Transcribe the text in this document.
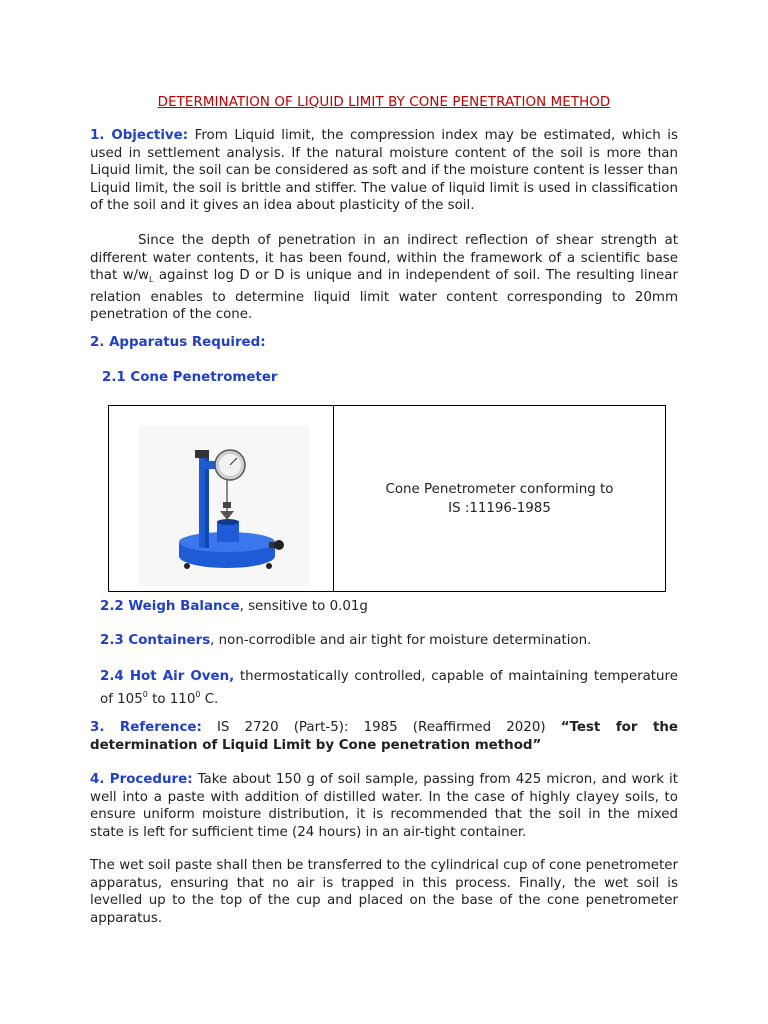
DETERMINATION OF LIQUID LIMIT BY CONE PENETRATION METHOD

1. Objective: From Liquid limit, the compression index may be estimated, which is used in settlement analysis. If the natural moisture content of the soil is more than Liquid limit, the soil can be considered as soft and if the moisture content is lesser than Liquid limit, the soil is brittle and stiffer. The value of liquid limit is used in classification of the soil and it gives an idea about plasticity of the soil.

Since the depth of penetration in an indirect reflection of shear strength at different water contents, it has been found, within the framework of a scientific base that $w/w_L$ against log D or D is unique and in independent of soil. The resulting linear relation enables to determine liquid limit water content corresponding to 20mm penetration of the cone.

2. Apparatus Required:
2.1 Cone Penetrometer
Cone Penetrometer conforming to
IS :11196-1985

2.2 Weigh Balance, sensitive to 0.01g

2.3 Containers, non-corrodible and air tight for moisture determination.

2.4 Hot Air Oven, thermostatically controlled, capable of maintaining temperature of $105^0$ to $110^0$ C.

3. Reference: IS 2720 (Part-5): 1985 (Reaffirmed 2020) “Test for the determination of Liquid Limit by Cone penetration method”

4. Procedure: Take about 150 g of soil sample, passing from 425 micron, and work it well into a paste with addition of distilled water. In the case of highly clayey soils, to ensure uniform moisture distribution, it is recommended that the soil in the mixed state is left for sufficient time (24 hours) in an air-tight container.

The wet soil paste shall then be transferred to the cylindrical cup of cone penetrometer apparatus, ensuring that no air is trapped in this process. Finally, the wet soil is levelled up to the top of the cup and placed on the base of the cone penetrometer apparatus.
